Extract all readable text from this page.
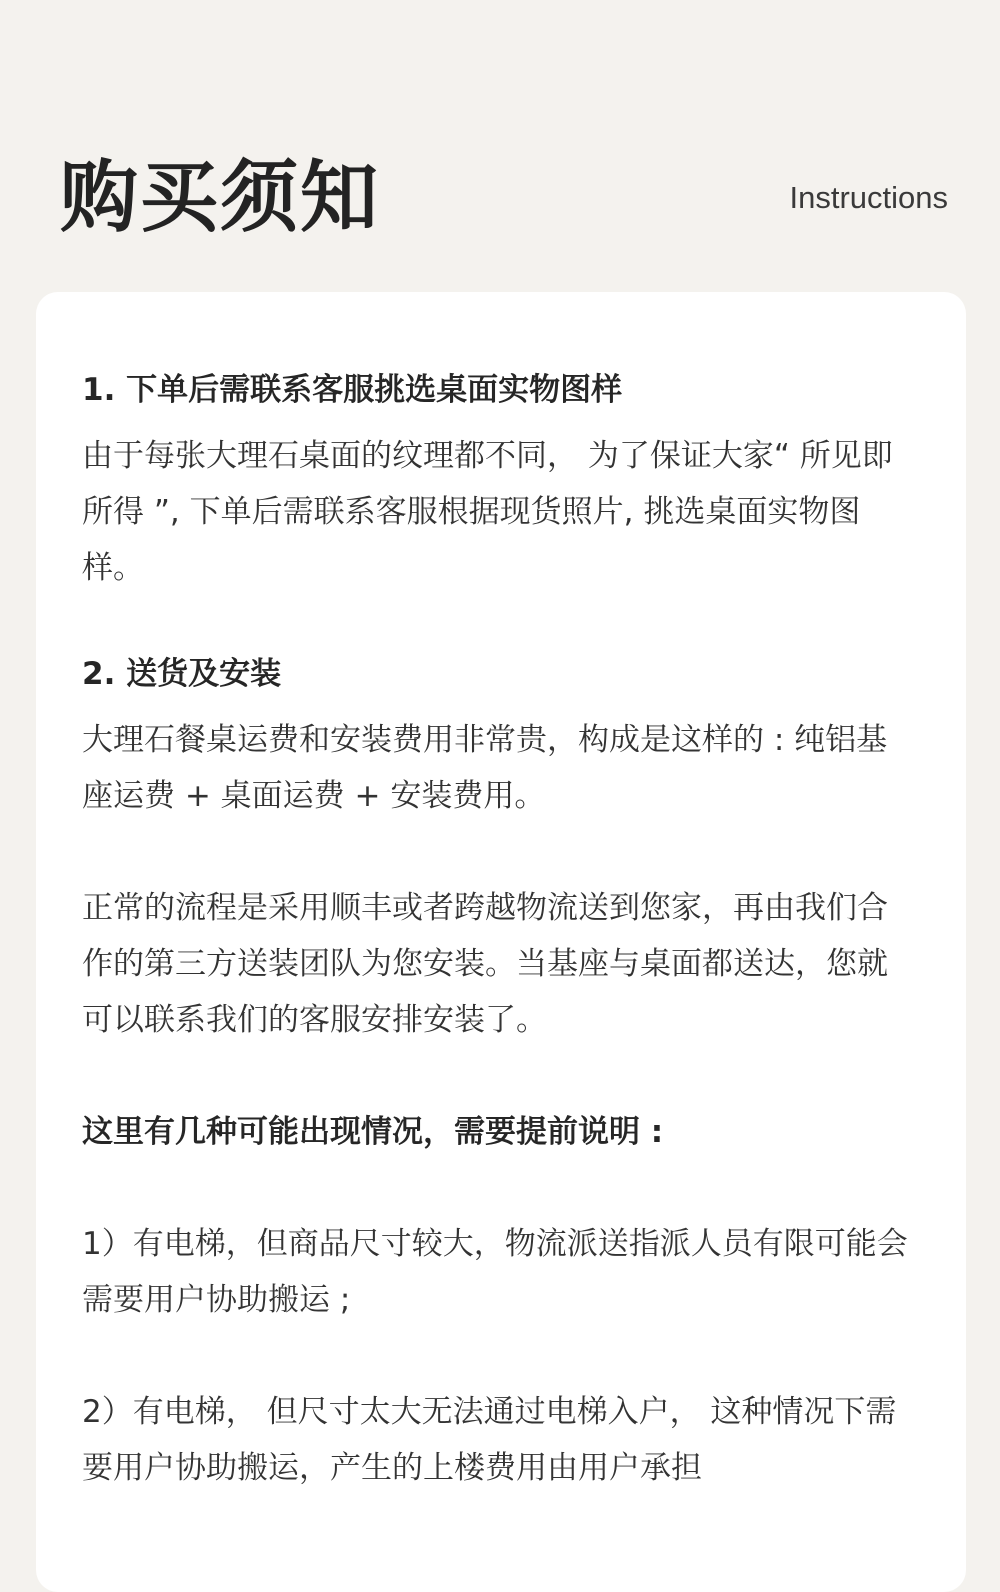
购买须知	Instructions
1. 下单后需联系客服挑选桌面实物图样

由于每张大理石桌面的纹理都不同， 为了保证大家“ 所见即所得 ”, 下单后需联系客服根据现货照片, 挑选桌面实物图样。

2. 送货及安装

大理石餐桌运费和安装费用非常贵，构成是这样的 : 纯铝基座运费 + 桌面运费 + 安装费用。

正常的流程是采用顺丰或者跨越物流送到您家，再由我们合作的第三方送装团队为您安装。当基座与桌面都送达，您就可以联系我们的客服安排安装了。

这里有几种可能出现情况，需要提前说明 :

1）有电梯，但商品尺寸较大，物流派送指派人员有限可能会需要用户协助搬运 ;

2）有电梯， 但尺寸太大无法通过电梯入户， 这种情况下需要用户协助搬运，产生的上楼费用由用户承担
